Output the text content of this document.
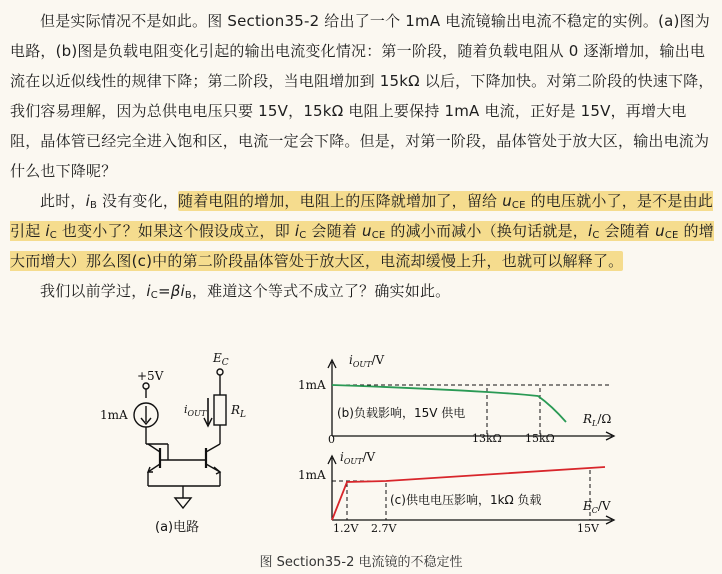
但是实际情况不是如此。图 Section35-2 给出了一个 1mA 电流镜输出电流不稳定的实例。(a)图为电路，(b)图是负载电阻变化引起的输出电流变化情况：第一阶段，随着负载电阻从 0 逐渐增加，输出电流在以近似线性的规律下降；第二阶段，当电阻增加到 15kΩ 以后，下降加快。对第二阶段的快速下降，我们容易理解，因为总供电电压只要 15V，15kΩ 电阻上要保持 1mA 电流，正好是 15V，再增大电阻，晶体管已经完全进入饱和区，电流一定会下降。但是，对第一阶段，晶体管处于放大区，输出电流为什么也下降呢？

此时，$i_B$ 没有变化，随着电阻的增加，电阻上的压降就增加了，留给 $u_{CE}$ 的电压就小了，是不是由此引起 $i_C$ 也变小了？如果这个假设成立，即 $i_C$ 会随着 $u_{CE}$ 的减小而减小（换句话就是，$i_C$ 会随着 $u_{CE}$ 的增大而增大）那么图(c)中的第二阶段晶体管处于放大区，电流却缓慢上升，也就可以解释了。

我们以前学过，$i_C=\beta i_B$，难道这个等式不成立了？确实如此。

+5V
$E_C$
1mA	$i_{OUT}$ $R_L$
(a)电路
$i_{OUT}/V$
1mA
0	13kΩ 15kΩ
$R_L/\Omega$
(b)负载影响，15V 供电
$i_{OUT}/V$
1mA
1.2V 2.7V	15V
$E_C/V$
(c)供电电压影响，1kΩ 负载
图 Section35-2 电流镜的不稳定性
